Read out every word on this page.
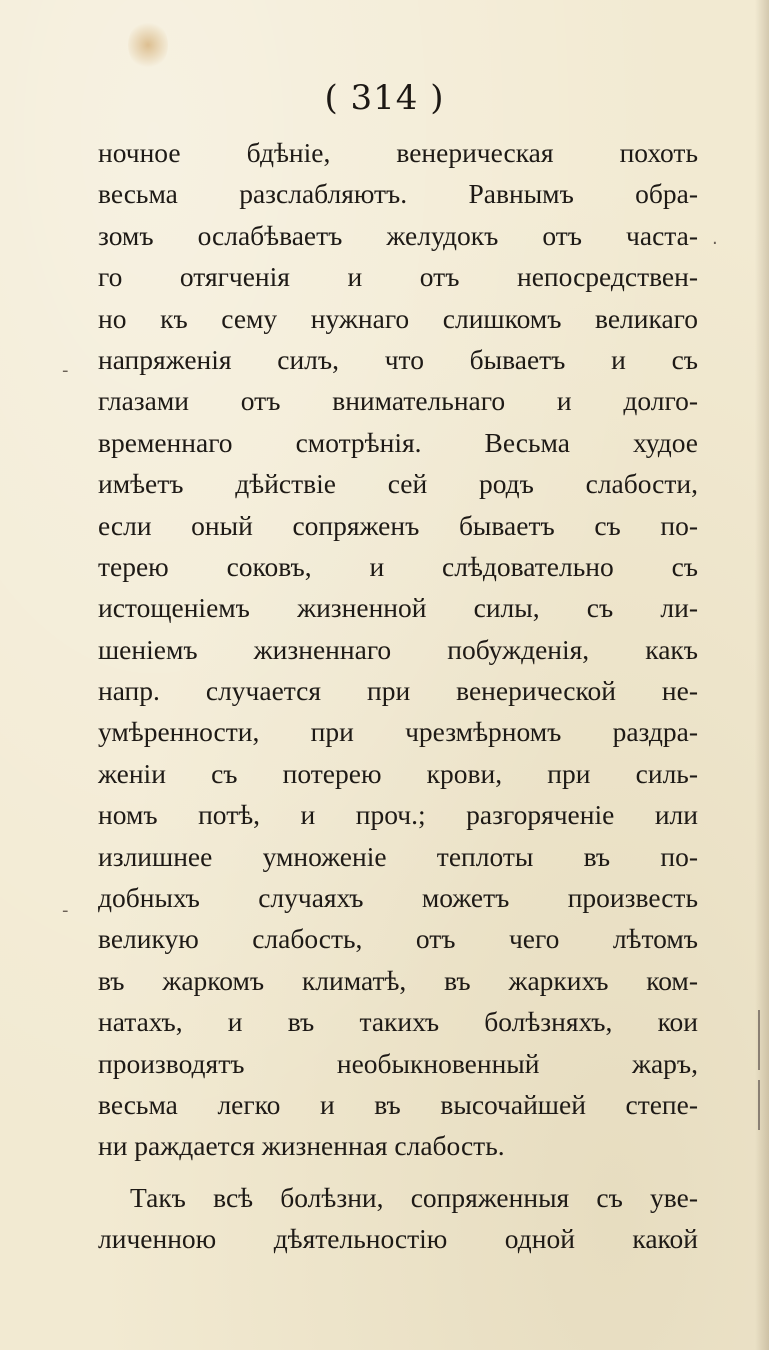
( 314 )
ночное бдѣніе, венерическая похоть
весьма разслабляютъ. Равнымъ обра-
зомъ ослабѣваетъ желудокъ отъ часта-
го отягченія и отъ непосредствен-
но къ сему нужнаго слишкомъ великаго
напряженія силъ, что бываетъ и съ
глазами отъ внимательнаго и долго-
временнаго смотрѣнія. Весьма худое
имѣетъ дѣйствіе сей родъ слабости,
если оный сопряженъ бываетъ съ по-
терею соковъ, и слѣдовательно съ
истощеніемъ жизненной силы, съ ли-
шеніемъ жизненнаго побужденія, какъ
напр. случается при венерической не-
умѣренности, при чрезмѣрномъ раздра-
женіи съ потерею крови, при силь-
номъ потѣ, и проч.; разгоряченіе или
излишнее умноженіе теплоты въ по-
добныхъ случаяхъ можетъ произвесть
великую слабость, отъ чего лѣтомъ
въ жаркомъ климатѣ, въ жаркихъ ком-
натахъ, и въ такихъ болѣзняхъ, кои
производятъ необыкновенный жаръ,
весьма легко и въ высочайшей степе-
ни раждается жизненная слабость.
Такъ всѣ болѣзни, сопряженныя съ уве-
личенною дѣятельностію одной какой
.
-
-
